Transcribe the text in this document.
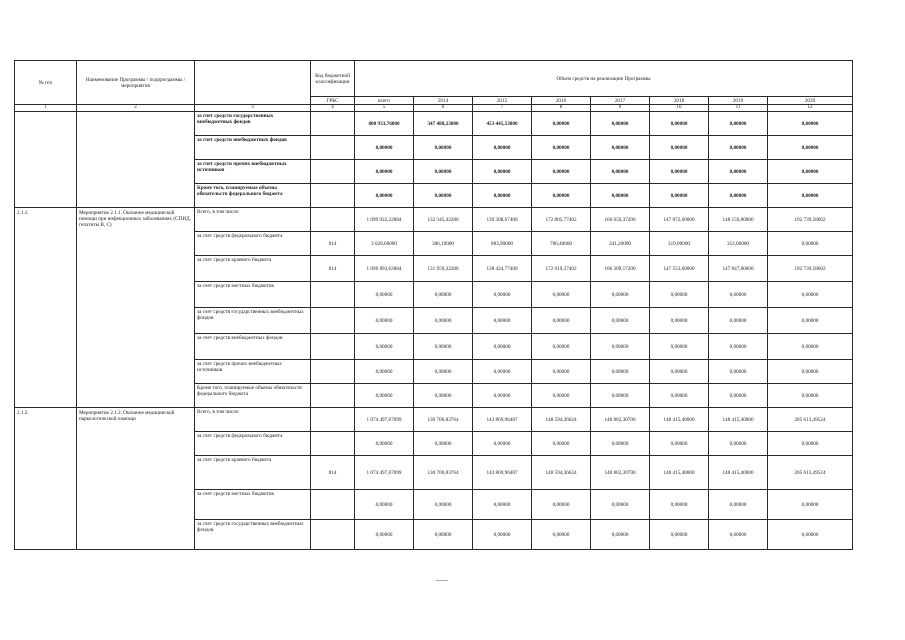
№ п/п	Наименование Программы / подпрограммы / мероприятия		Код бюджетной классификации	Объем средств на реализацию Программы							
			ГРБС	всего	2014	2015	2016	2017	2018	2019	2020
1	2	3	4	5	6	7	8	9	10	11	12
		за счет средств государственных внебюджетных фондов		800 933,76000	347 488,23000	453 445,53000	0,00000	0,00000	0,00000	0,00000	0,00000
		за счет средств внебюджетных фондов		0,00000	0,00000	0,00000	0,00000	0,00000	0,00000	0,00000	0,00000
		за счет средств прочих внебюджетных источников		0,00000	0,00000	0,00000	0,00000	0,00000	0,00000	0,00000	0,00000
		Кроме того, планируемые объемы обязательств федерального бюджета		0,00000	0,00000	0,00000	0,00000	0,00000	0,00000	0,00000	0,00000
2.1.1.	Мероприятие 2.1.1. Оказание медицинской помощи при инфекционных заболеваниях (СПИД, гепатиты В, С)	Всего, в том числе:		1 099 922,22884	132 345,42280	139 308,67400	172 805,77402	166 650,37200	147 872,60000	148 159,80000	192 739,58602
		за счет средств федерального бюджета	814	3 028,60000	386,10000	883,90000	786,40000	341,20000	319,00000	312,00000	0,00000
		за счет средств краевого бюджета	814	1 096 893,62884	131 959,32280	138 424,77400	172 019,37402	166 309,17200	147 553,60000	147 847,80000	192 739,58602
		за счет средств местных бюджетов		0,00000	0,00000	0,00000	0,00000	0,00000	0,00000	0,00000	0,00000
		за счет средств государственных внебюджетных фондов		0,00000	0,00000	0,00000	0,00000	0,00000	0,00000	0,00000	0,00000
		за счет средств внебюджетных фондов		0,00000	0,00000	0,00000	0,00000	0,00000	0,00000	0,00000	0,00000
		за счет средств прочих внебюджетных источников		0,00000	0,00000	0,00000	0,00000	0,00000	0,00000	0,00000	0,00000
		Кроме того, планируемые объемы обязательств федерального бюджета		0,00000	0,00000	0,00000	0,00000	0,00000	0,00000	0,00000	0,00000
2.1.2.	Мероприятие 2.1.2. Оказание медицинской наркологической помощи	Всего, в том числе:		1 074 497,67099	130 706,83764	143 869,96487	148 594,36624	148 882,30700	148 415,40000	148 415,40000	205 613,49524
		за счет средств федерального бюджета		0,00000	0,00000	0,00000	0,00000	0,00000	0,00000	0,00000	0,00000
		за счет средств краевого бюджета	814	1 074 497,67099	130 706,83764	143 869,96487	148 594,36624	148 882,30700	148 415,40000	148 415,40000	205 613,49524
		за счет средств местных бюджетов		0,00000	0,00000	0,00000	0,00000	0,00000	0,00000	0,00000	0,00000
		за счет средств государственных внебюджетных фондов		0,00000	0,00000	0,00000	0,00000	0,00000	0,00000	0,00000	0,00000
